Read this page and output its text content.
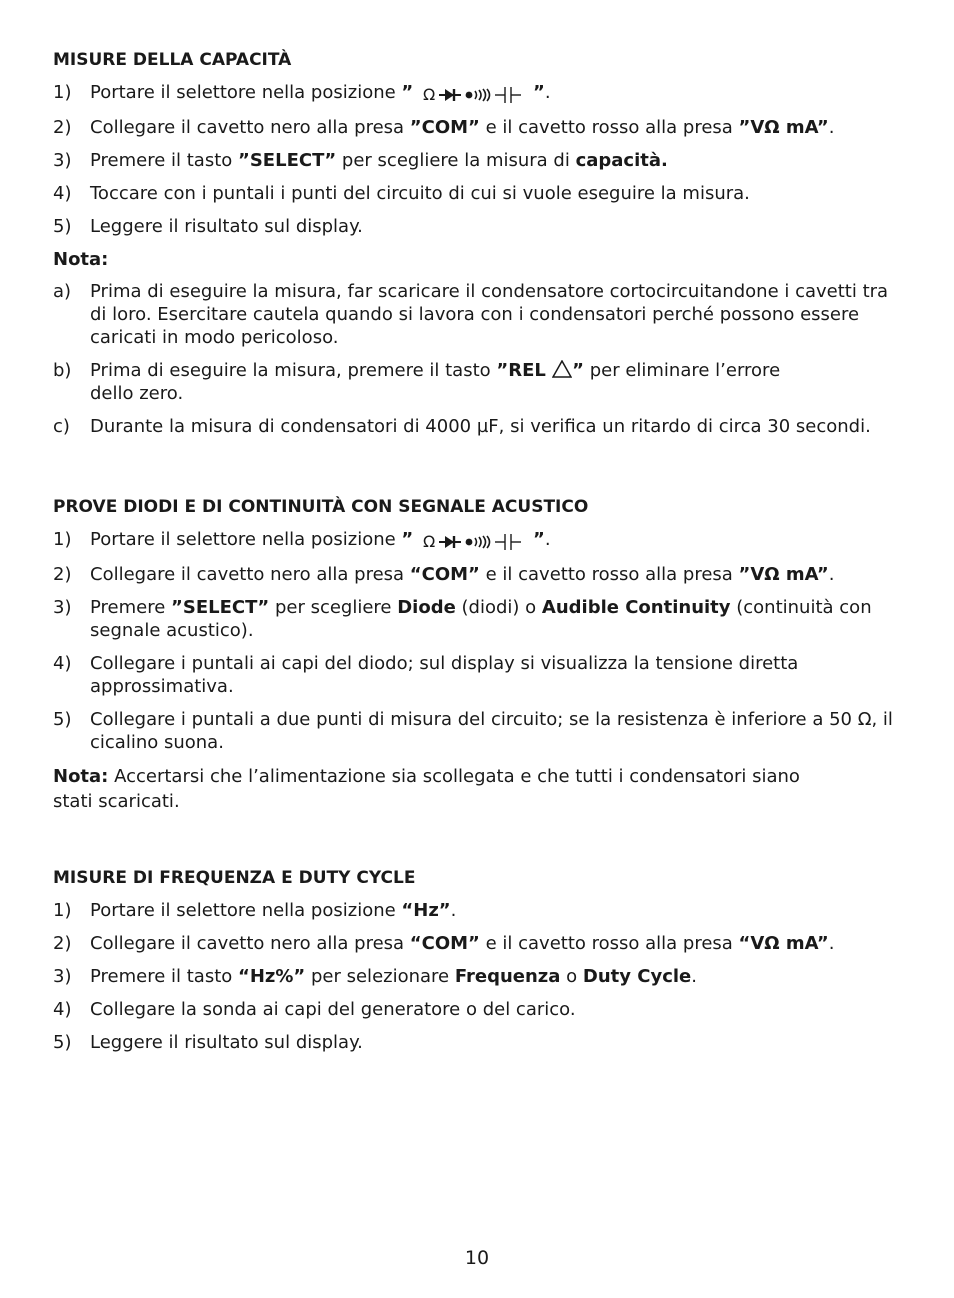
MISURE DELLA CAPACITÀ
1)	Portare il selettore nella posizione ” Ω	”.
2)	Collegare il cavetto nero alla presa ”COM” e il cavetto rosso alla presa ”VΩ mA”.
3)	Premere il tasto ”SELECT” per scegliere la misura di capacità.
4)	Toccare con i puntali i punti del circuito di cui si vuole eseguire la misura.
5)	Leggere il risultato sul display.
Nota:
a)	Prima di eseguire la misura, far scaricare il condensatore cortocircuitandone i cavetti tra di loro. Esercitare cautela quando si lavora con i condensatori perché possono essere caricati in modo pericoloso.
b)	Prima di eseguire la misura, premere il tasto ”REL ” per eliminare l’errore dello zero.
c)	Durante la misura di condensatori di 4000 µF, si verifica un ritardo di circa 30 secondi.
PROVE DIODI E DI CONTINUITÀ CON SEGNALE ACUSTICO
1)	Portare il selettore nella posizione ” Ω	”.
2)	Collegare il cavetto nero alla presa “COM” e il cavetto rosso alla presa ”VΩ mA”.
3)	Premere ”SELECT” per scegliere Diode (diodi) o Audible Continuity (continuità con segnale acustico).
4)	Collegare i puntali ai capi del diodo; sul display si visualizza la tensione diretta approssimativa.
5)	Collegare i puntali a due punti di misura del circuito; se la resistenza è inferiore a 50 Ω, il cicalino suona.
Nota: Accertarsi che l’alimentazione sia scollegata e che tutti i condensatori siano stati scaricati.
MISURE DI FREQUENZA E DUTY CYCLE
1)	Portare il selettore nella posizione “Hz”.
2)	Collegare il cavetto nero alla presa “COM” e il cavetto rosso alla presa “VΩ mA”.
3)	Premere il tasto “Hz%” per selezionare Frequenza o Duty Cycle.
4)	Collegare la sonda ai capi del generatore o del carico.
5)	Leggere il risultato sul display.
10
